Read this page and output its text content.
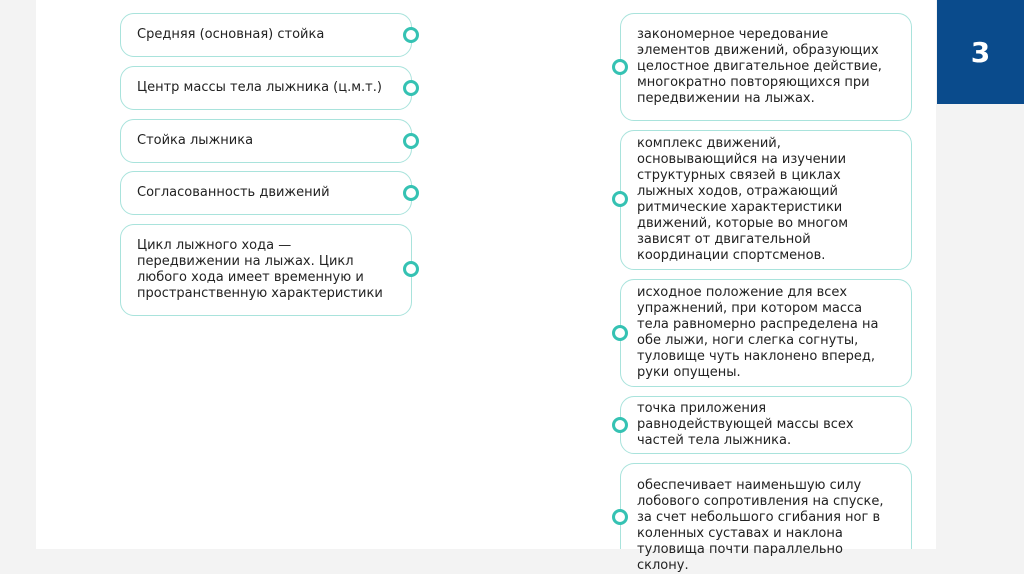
3
Средняя (основная) стойка
Центр массы тела лыжника (ц.м.т.)
Стойка лыжника
Согласованность движений
Цикл лыжного хода — передвижении на лыжах. Цикл любого хода имеет временную и пространственную характеристики
закономерное чередование элементов движений, образующих целостное двигательное действие, многократно повторяющихся при передвижении на лыжах.
комплекс движений, основывающийся на изучении структурных связей в циклах лыжных ходов, отражающий ритмические характеристики движений, которые во многом зависят от двигательной координации спортсменов.
исходное положение для всех упражнений, при котором масса тела равномерно распределена на обе лыжи, ноги слегка согнуты, туловище чуть наклонено вперед, руки опущены.
точка приложения равнодействующей массы всех частей тела лыжника.
обеспечивает наименьшую силу лобового сопротивления на спуске, за счет небольшого сгибания ног в коленных суставах и наклона туловища почти параллельно склону.
